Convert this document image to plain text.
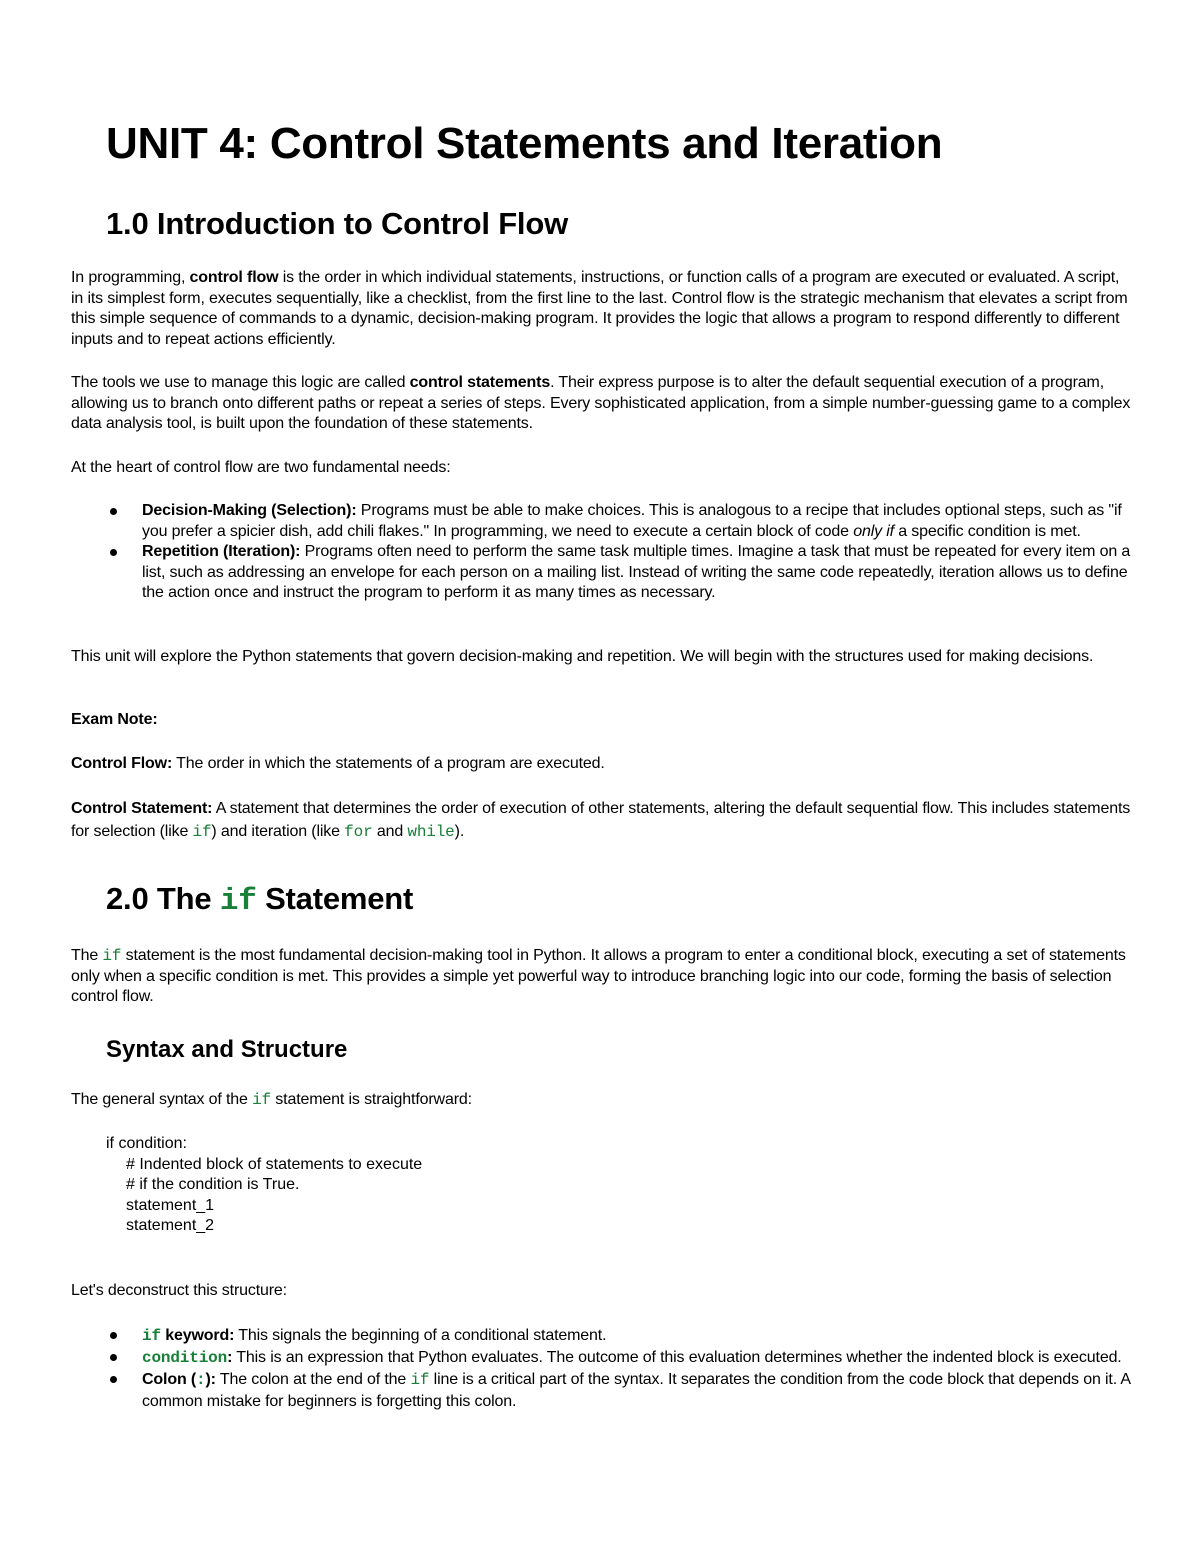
UNIT 4: Control Statements and Iteration
1.0 Introduction to Control Flow

In programming, control flow is the order in which individual statements, instructions, or function calls of a program are executed or evaluated. A script, in its simplest form, executes sequentially, like a checklist, from the first line to the last. Control flow is the strategic mechanism that elevates a script from this simple sequence of commands to a dynamic, decision-making program. It provides the logic that allows a program to respond differently to different inputs and to repeat actions efficiently.

The tools we use to manage this logic are called control statements. Their express purpose is to alter the default sequential execution of a program, allowing us to branch onto different paths or repeat a series of steps. Every sophisticated application, from a simple number-guessing game to a complex data analysis tool, is built upon the foundation of these statements.

At the heart of control flow are two fundamental needs:

Decision-Making (Selection): Programs must be able to make choices. This is analogous to a recipe that includes optional steps, such as "if you prefer a spicier dish, add chili flakes." In programming, we need to execute a certain block of code only if a specific condition is met.
Repetition (Iteration): Programs often need to perform the same task multiple times. Imagine a task that must be repeated for every item on a list, such as addressing an envelope for each person on a mailing list. Instead of writing the same code repeatedly, iteration allows us to define the action once and instruct the program to perform it as many times as necessary.

This unit will explore the Python statements that govern decision-making and repetition. We will begin with the structures used for making decisions.

Exam Note:

Control Flow: The order in which the statements of a program are executed.

Control Statement: A statement that determines the order of execution of other statements, altering the default sequential flow. This includes statements for selection (like if) and iteration (like for and while).

2.0 The if Statement

The if statement is the most fundamental decision-making tool in Python. It allows a program to enter a conditional block, executing a set of statements only when a specific condition is met. This provides a simple yet powerful way to introduce branching logic into our code, forming the basis of selection control flow.

Syntax and Structure

The general syntax of the if statement is straightforward:

if condition:
# Indented block of statements to execute
# if the condition is True.
statement_1
statement_2

Let's deconstruct this structure:

if keyword: This signals the beginning of a conditional statement.
condition: This is an expression that Python evaluates. The outcome of this evaluation determines whether the indented block is executed.
Colon (:): The colon at the end of the if line is a critical part of the syntax. It separates the condition from the code block that depends on it. A common mistake for beginners is forgetting this colon.
